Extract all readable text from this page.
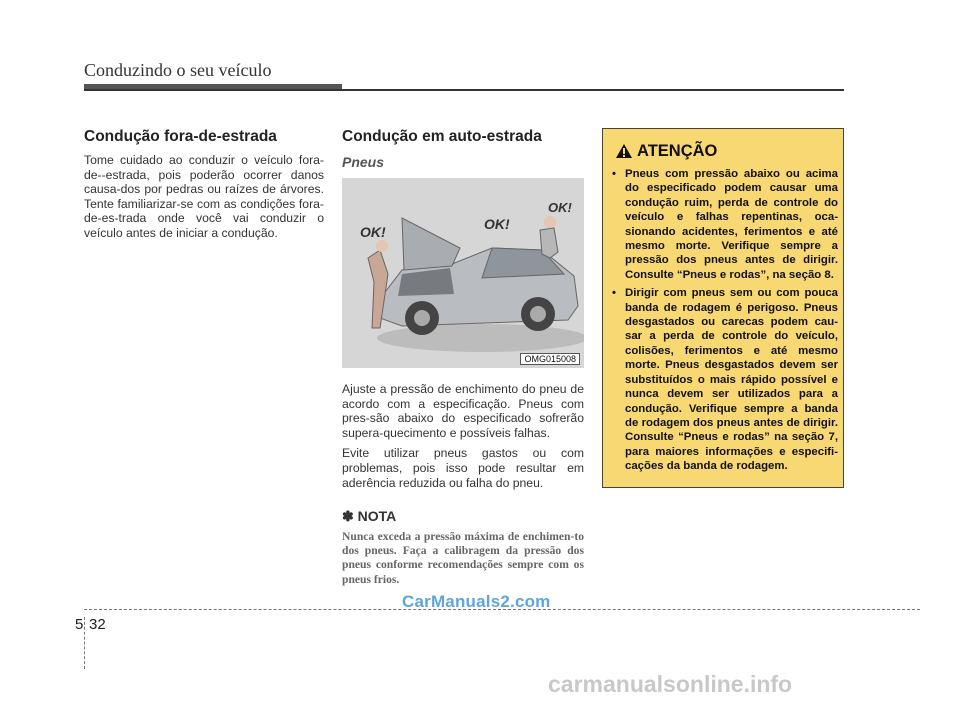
Conduzindo o seu veículo
Condução fora-de-estrada

Tome cuidado ao conduzir o veículo fora-de--estrada, pois poderão ocorrer danos causa-dos por pedras ou raízes de árvores. Tente familiarizar-se com as condições fora-de-es-trada onde você vai conduzir o veículo antes de iniciar a condução.

Condução em auto-estrada
Pneus
OK!	OK!
OK!
OMG015008

Ajuste a pressão de enchimento do pneu de acordo com a especificação. Pneus com pres-são abaixo do especificado sofrerão supera-quecimento e possíveis falhas.

Evite utilizar pneus gastos ou com problemas, pois isso pode resultar em aderência reduzida ou falha do pneu.

✽ NOTA

Nunca exceda a pressão máxima de enchimen-to dos pneus. Faça a calibragem da pressão dos pneus conforme recomendações sempre com os pneus frios.

ATENÇÃO
• Pneus com pressão abaixo ou acima do especificado podem causar uma condução ruim, perda de controle do veículo e falhas repentinas, oca-sionando acidentes, ferimentos e até mesmo morte. Verifique sempre a pressão dos pneus antes de dirigir. Consulte “Pneus e rodas”, na seção 8.
• Dirigir com pneus sem ou com pouca banda de rodagem é perigoso. Pneus desgastados ou carecas podem cau-sar a perda de controle do veículo, colisões, ferimentos e até mesmo morte. Pneus desgastados devem ser substituídos o mais rápido possível e nunca devem ser utilizados para a condução. Verifique sempre a banda de rodagem dos pneus antes de dirigir. Consulte “Pneus e rodas” na seção 7, para maiores informações e especifi-cações da banda de rodagem.
5 32
CarManuals2.com
carmanualsonline.info
